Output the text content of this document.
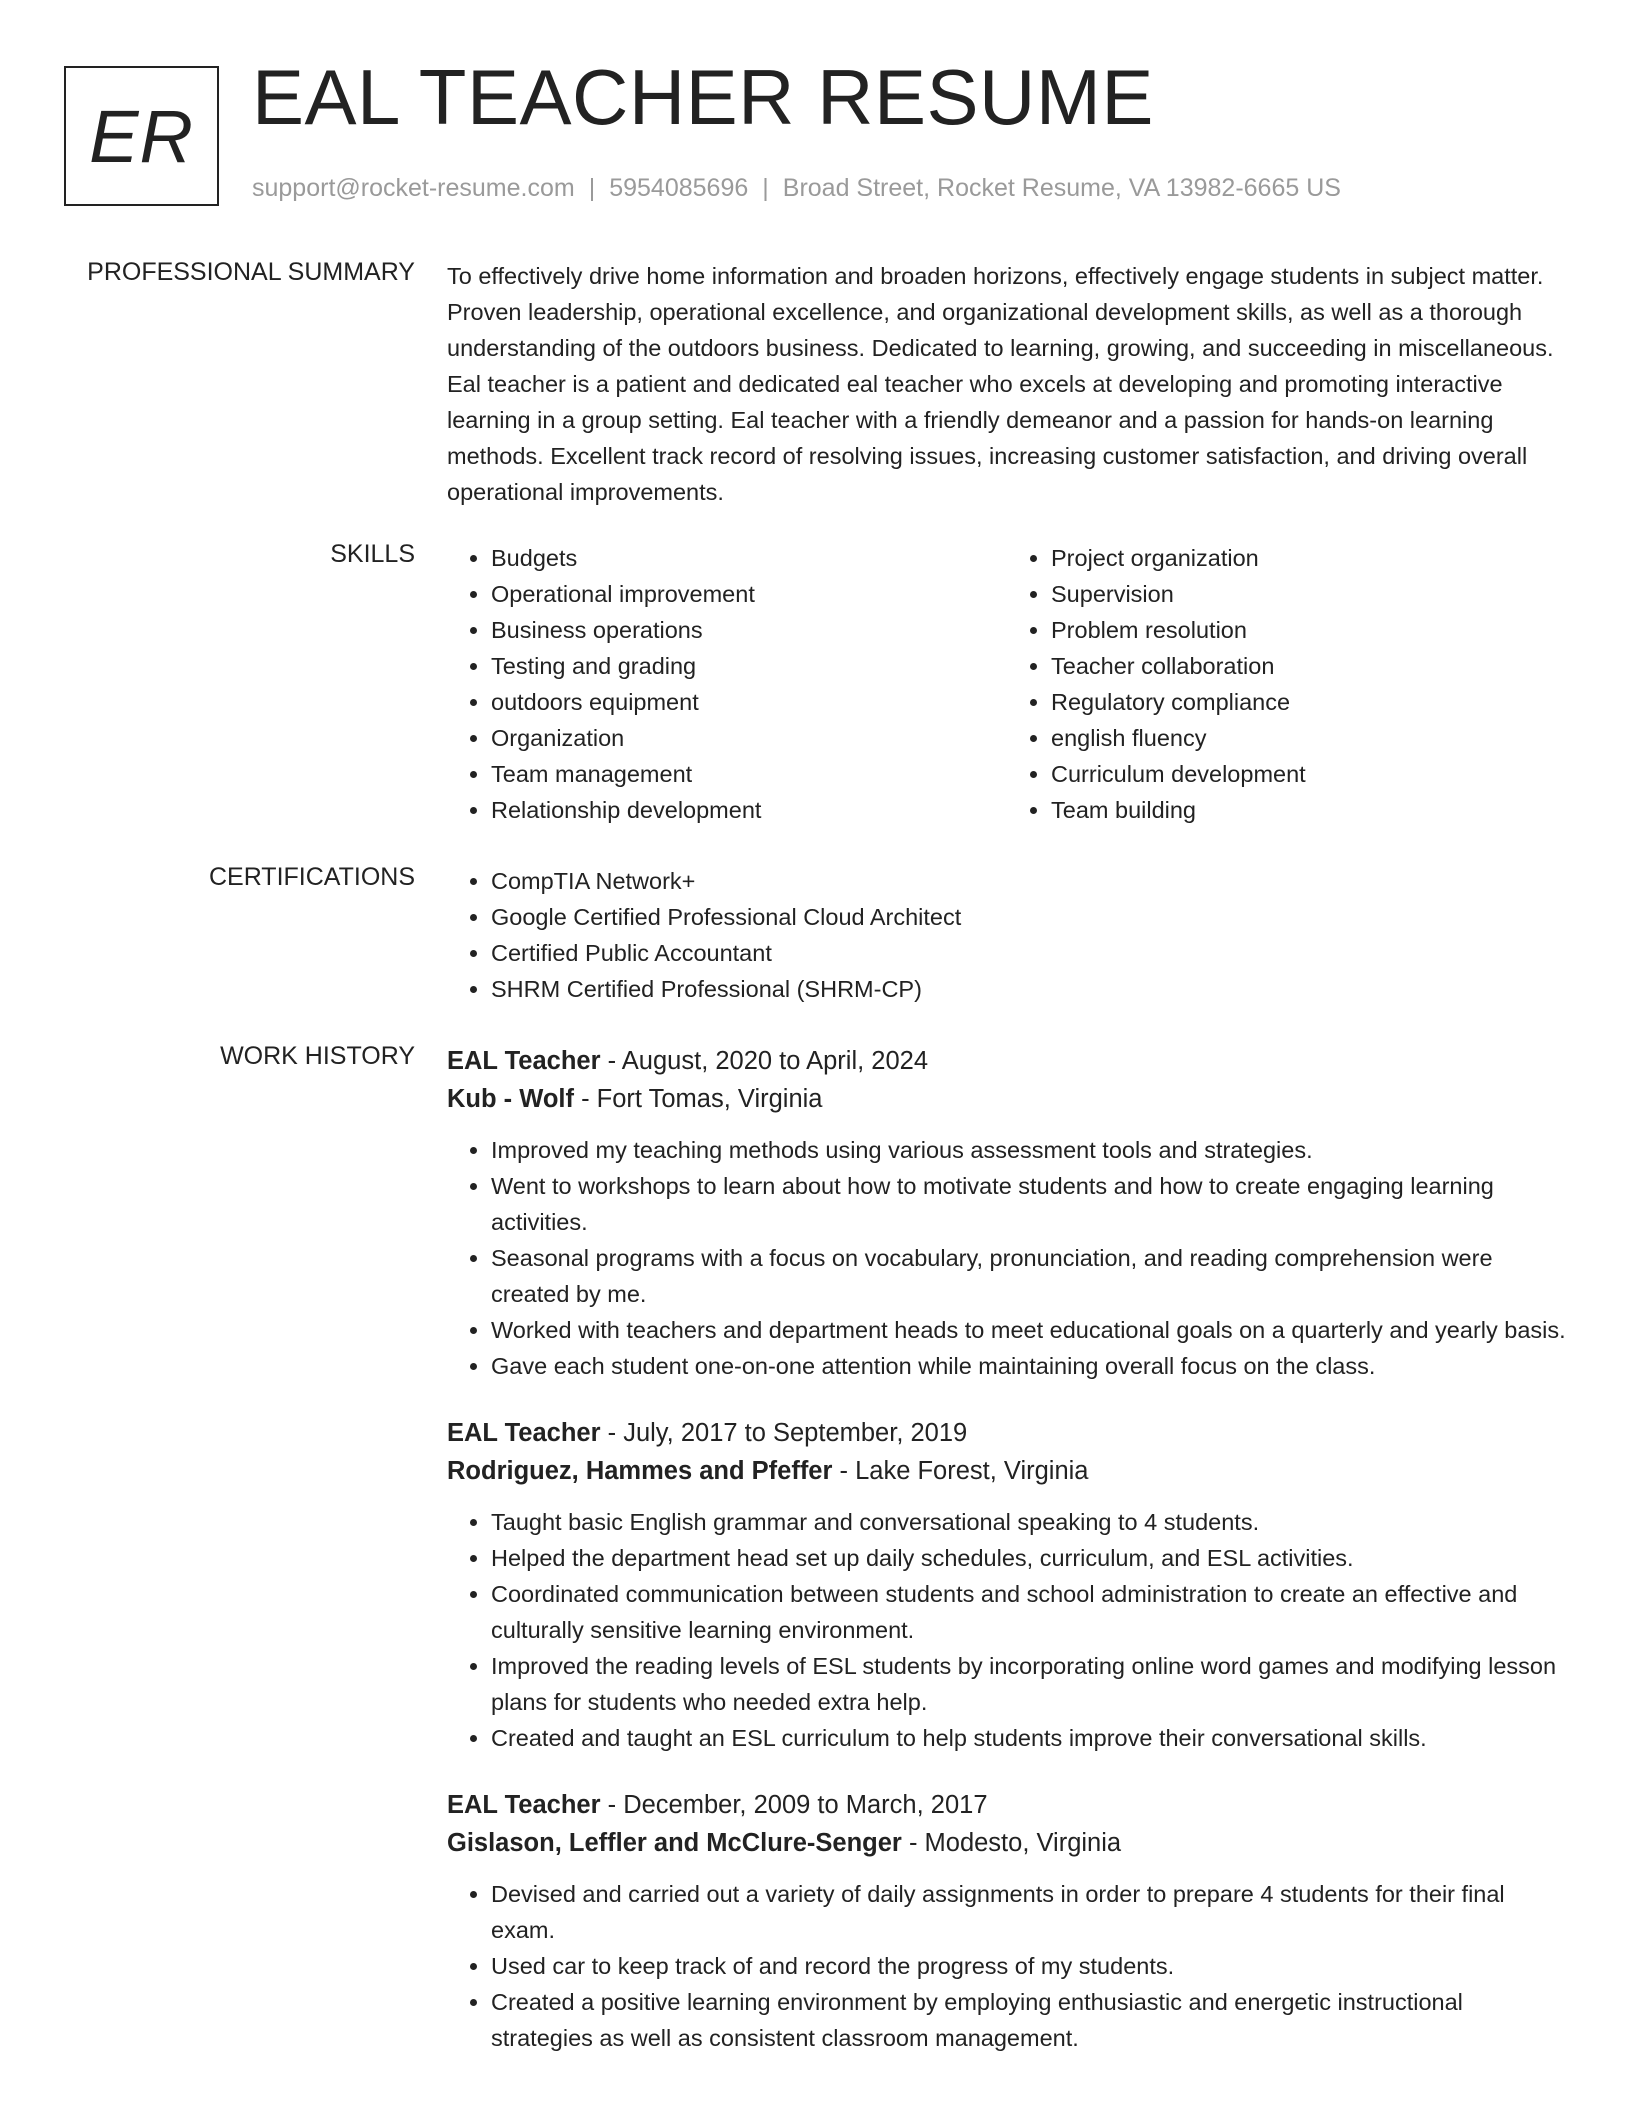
ER EAL TEACHER RESUME
support@rocket-resume.com | 5954085696 | Broad Street, Rocket Resume, VA 13982-6665 US
PROFESSIONAL SUMMARY To effectively drive home information and broaden horizons, effectively engage students in subject matter. Proven leadership, operational excellence, and organizational development skills, as well as a thorough understanding of the outdoors business. Dedicated to learning, growing, and succeeding in miscellaneous. Eal teacher is a patient and dedicated eal teacher who excels at developing and promoting interactive learning in a group setting. Eal teacher with a friendly demeanor and a passion for hands-on learning methods. Excellent track record of resolving issues, increasing customer satisfaction, and driving overall operational improvements.

SKILLS	• Budgets
• Operational improvement
• Business operations
• Testing and grading
• outdoors equipment
• Organization
• Team management
• Relationship development
• Project organization
• Supervision
• Problem resolution
• Teacher collaboration
• Regulatory compliance
• english fluency
• Curriculum development
• Team building
CERTIFICATIONS	• CompTIA Network+
• Google Certified Professional Cloud Architect
• Certified Public Accountant
• SHRM Certified Professional (SHRM-CP)
WORK HISTORY EAL Teacher - August, 2020 to April, 2024
Kub - Wolf - Fort Tomas, Virginia
• Improved my teaching methods using various assessment tools and strategies.
• Went to workshops to learn about how to motivate students and how to create engaging learning activities.
• Seasonal programs with a focus on vocabulary, pronunciation, and reading comprehension were created by me.
• Worked with teachers and department heads to meet educational goals on a quarterly and yearly basis.
• Gave each student one-on-one attention while maintaining overall focus on the class.
EAL Teacher - July, 2017 to September, 2019
Rodriguez, Hammes and Pfeffer - Lake Forest, Virginia
• Taught basic English grammar and conversational speaking to 4 students.
• Helped the department head set up daily schedules, curriculum, and ESL activities.
• Coordinated communication between students and school administration to create an effective and culturally sensitive learning environment.
• Improved the reading levels of ESL students by incorporating online word games and modifying lesson plans for students who needed extra help.
• Created and taught an ESL curriculum to help students improve their conversational skills.
EAL Teacher - December, 2009 to March, 2017
Gislason, Leffler and McClure-Senger - Modesto, Virginia
• Devised and carried out a variety of daily assignments in order to prepare 4 students for their final exam.
• Used car to keep track of and record the progress of my students.
• Created a positive learning environment by employing enthusiastic and energetic instructional strategies as well as consistent classroom management.
